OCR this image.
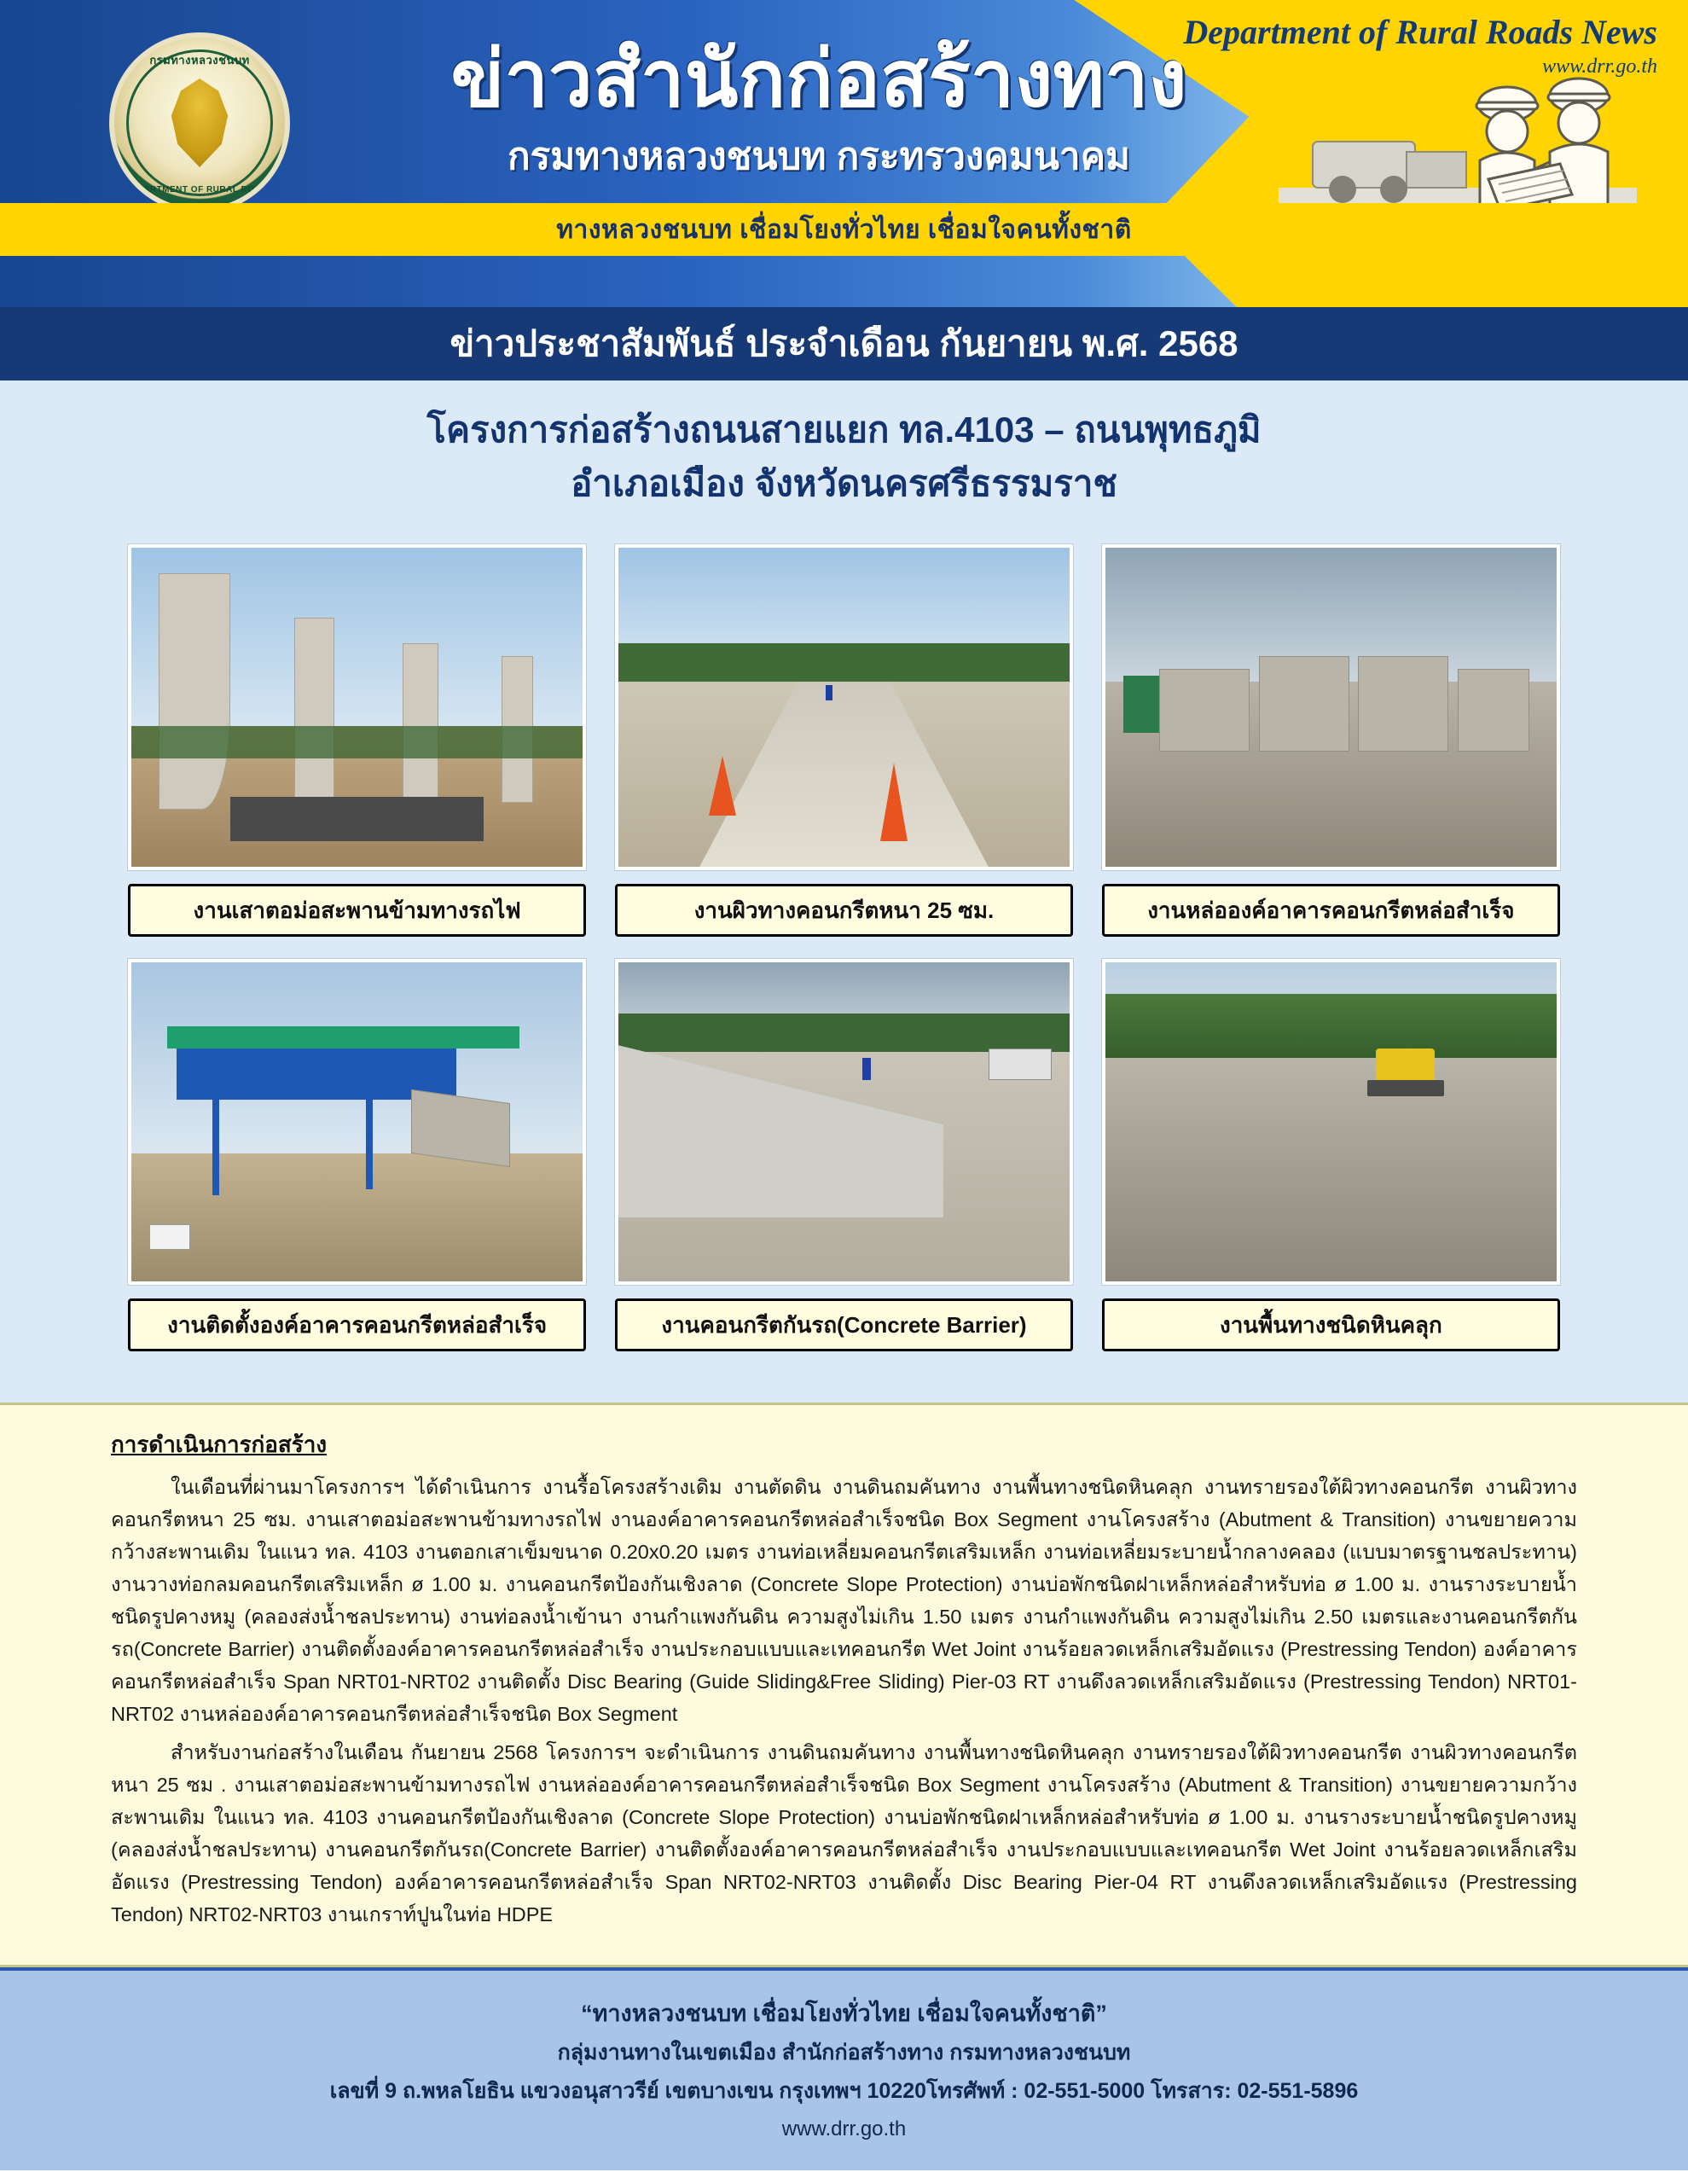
กรมทางหลวงชนบท
DEPARTMENT OF RURAL ROADS
ข่าวสำนักก่อสร้างทาง
กรมทางหลวงชนบท กระทรวงคมนาคม
Department of Rural Roads News
www.drr.go.th
ทางหลวงชนบท เชื่อมโยงทั่วไทย เชื่อมใจคนทั้งชาติ
ข่าวประชาสัมพันธ์ ประจำเดือน กันยายน พ.ศ. 2568
โครงการก่อสร้างถนนสายแยก ทล.4103 – ถนนพุทธภูมิ
อำเภอเมือง จังหวัดนครศรีธรรมราช
งานเสาตอม่อสะพานข้ามทางรถไฟ	งานผิวทางคอนกรีตหนา 25 ซม.	งานหล่อองค์อาคารคอนกรีตหล่อสำเร็จ
งานติดตั้งองค์อาคารคอนกรีตหล่อสำเร็จ	งานคอนกรีตกันรถ(Concrete Barrier)	งานพื้นทางชนิดหินคลุก
การดำเนินการก่อสร้าง

ในเดือนที่ผ่านมาโครงการฯ ได้ดำเนินการ งานรื้อโครงสร้างเดิม งานตัดดิน งานดินถมคันทาง งานพื้นทางชนิดหินคลุก งานทรายรองใต้ผิวทางคอนกรีต งานผิวทางคอนกรีตหนา 25 ซม. งานเสาตอม่อสะพานข้ามทางรถไฟ งานองค์อาคารคอนกรีตหล่อสำเร็จชนิด Box Segment งานโครงสร้าง (Abutment & Transition) งานขยายความกว้างสะพานเดิม ในแนว ทล. 4103 งานตอกเสาเข็มขนาด 0.20x0.20 เมตร งานท่อเหลี่ยมคอนกรีตเสริมเหล็ก งานท่อเหลี่ยมระบายน้ำกลางคลอง (แบบมาตรฐานชลประทาน) งานวางท่อกลมคอนกรีตเสริมเหล็ก ø 1.00 ม. งานคอนกรีตป้องกันเชิงลาด (Concrete Slope Protection) งานบ่อพักชนิดฝาเหล็กหล่อสำหรับท่อ ø 1.00 ม. งานรางระบายน้ำชนิดรูปคางหมู (คลองส่งน้ำชลประทาน) งานท่อลงน้ำเข้านา งานกำแพงกันดิน ความสูงไม่เกิน 1.50 เมตร งานกำแพงกันดิน ความสูงไม่เกิน 2.50 เมตรและงานคอนกรีตกันรถ(Concrete Barrier) งานติดตั้งองค์อาคารคอนกรีตหล่อสำเร็จ งานประกอบแบบและเทคอนกรีต Wet Joint งานร้อยลวดเหล็กเสริมอัดแรง (Prestressing Tendon) องค์อาคารคอนกรีตหล่อสำเร็จ Span NRT01-NRT02 งานติดตั้ง Disc Bearing (Guide Sliding&Free Sliding) Pier-03 RT งานดึงลวดเหล็กเสริมอัดแรง (Prestressing Tendon) NRT01-NRT02 งานหล่อองค์อาคารคอนกรีตหล่อสำเร็จชนิด Box Segment

สำหรับงานก่อสร้างในเดือน กันยายน 2568 โครงการฯ จะดำเนินการ งานดินถมคันทาง งานพื้นทางชนิดหินคลุก งานทรายรองใต้ผิวทางคอนกรีต งานผิวทางคอนกรีตหนา 25 ซม . งานเสาตอม่อสะพานข้ามทางรถไฟ งานหล่อองค์อาคารคอนกรีตหล่อสำเร็จชนิด Box Segment งานโครงสร้าง (Abutment & Transition) งานขยายความกว้างสะพานเดิม ในแนว ทล. 4103 งานคอนกรีตป้องกันเชิงลาด (Concrete Slope Protection) งานบ่อพักชนิดฝาเหล็กหล่อสำหรับท่อ ø 1.00 ม. งานรางระบายน้ำชนิดรูปคางหมู (คลองส่งน้ำชลประทาน) งานคอนกรีตกันรถ(Concrete Barrier) งานติดตั้งองค์อาคารคอนกรีตหล่อสำเร็จ งานประกอบแบบและเทคอนกรีต Wet Joint งานร้อยลวดเหล็กเสริมอัดแรง (Prestressing Tendon) องค์อาคารคอนกรีตหล่อสำเร็จ Span NRT02-NRT03 งานติดตั้ง Disc Bearing Pier-04 RT งานดึงลวดเหล็กเสริมอัดแรง (Prestressing Tendon) NRT02-NRT03 งานเกราท์ปูนในท่อ HDPE

“ทางหลวงชนบท เชื่อมโยงทั่วไทย เชื่อมใจคนทั้งชาติ”
กลุ่มงานทางในเขตเมือง สำนักก่อสร้างทาง กรมทางหลวงชนบท
เลขที่ 9 ถ.พหลโยธิน แขวงอนุสาวรีย์ เขตบางเขน กรุงเทพฯ 10220โทรศัพท์ : 02-551-5000 โทรสาร: 02-551-5896
www.drr.go.th
